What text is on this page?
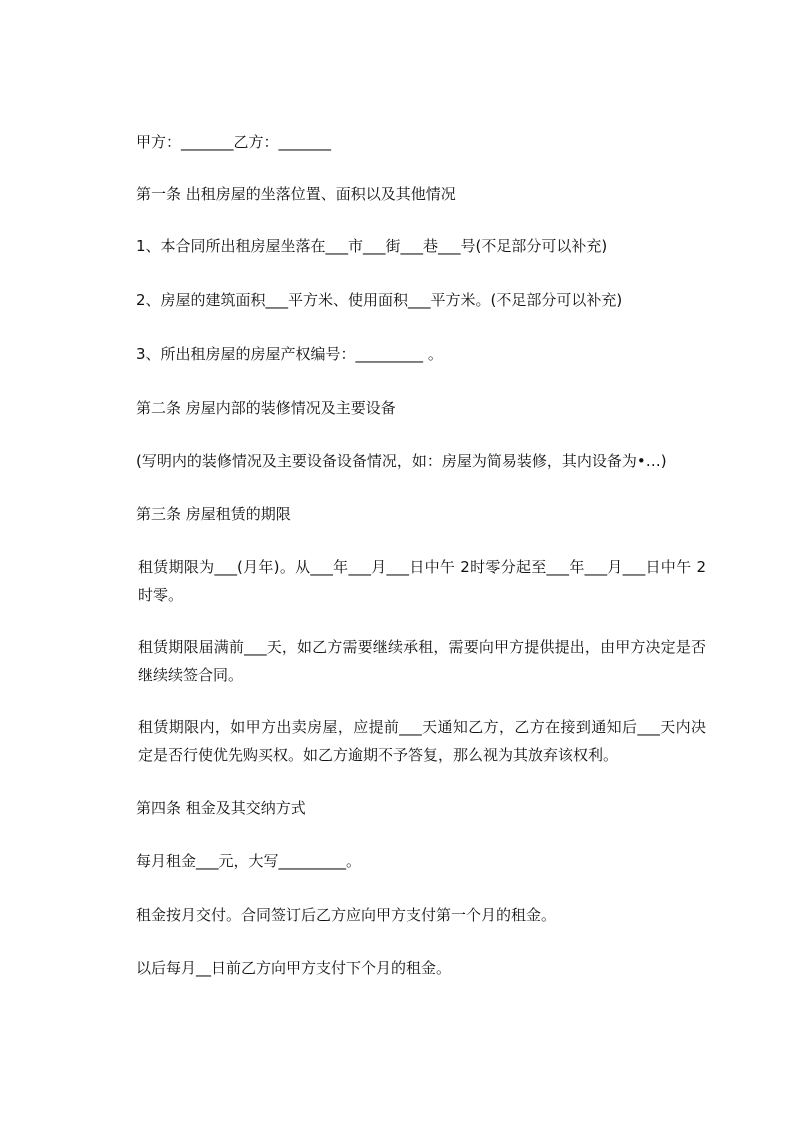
甲方：_______乙方：_______
第一条 出租房屋的坐落位置、面积以及其他情况
1、本合同所出租房屋坐落在___市___街___巷___号(不足部分可以补充)
2、房屋的建筑面积___平方米、使用面积___平方米。(不足部分可以补充)
3、所出租房屋的房屋产权编号：_________ 。
第二条 房屋内部的装修情况及主要设备
(写明内的装修情况及主要设备设备情况，如：房屋为简易装修，其内设备为•…)
第三条 房屋租赁的期限
租赁期限为___(月年)。从___年___月___日中午 2时零分起至___年___月___日中午 2时零。
租赁期限届满前___天，如乙方需要继续承租，需要向甲方提供提出，由甲方决定是否继续续签合同。
租赁期限内，如甲方出卖房屋，应提前___天通知乙方，乙方在接到通知后___天内决定是否行使优先购买权。如乙方逾期不予答复，那么视为其放弃该权利。
第四条 租金及其交纳方式
每月租金___元，大写_________。
租金按月交付。合同签订后乙方应向甲方支付第一个月的租金。
以后每月__日前乙方向甲方支付下个月的租金。
